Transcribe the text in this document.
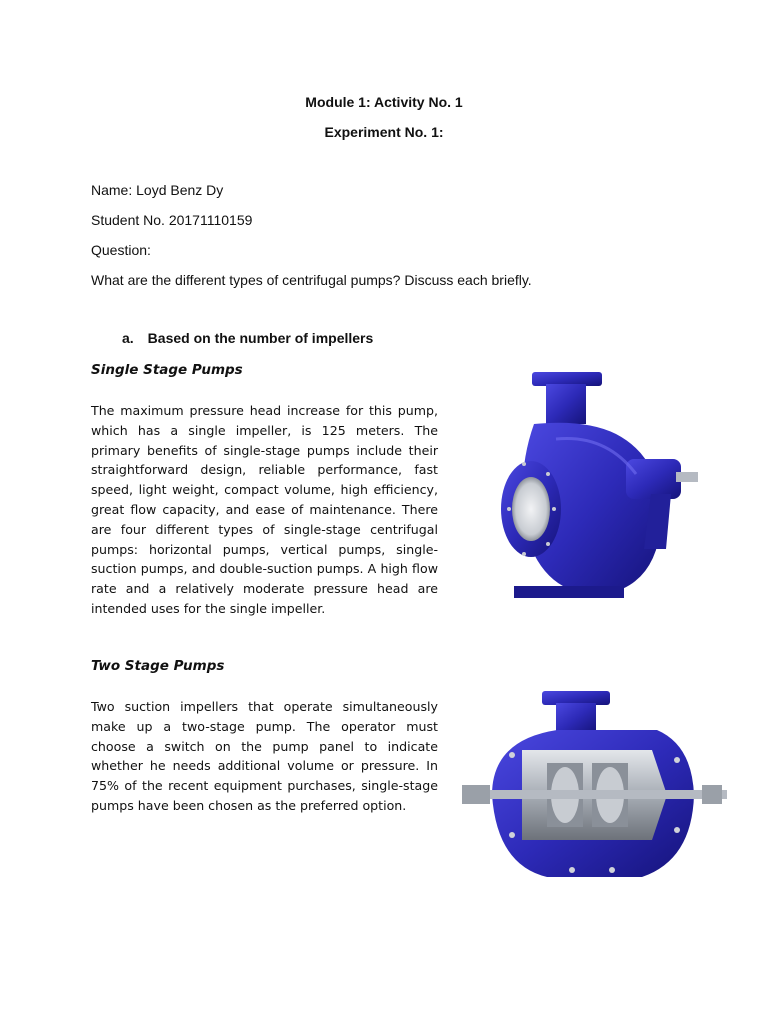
Module 1: Activity No. 1
Experiment No. 1:
Name: Loyd Benz Dy
Student No. 20171110159
Question:
What are the different types of centrifugal pumps? Discuss each briefly.
a. Based on the number of impellers
Single Stage Pumps
The maximum pressure head increase for this pump, which has a single impeller, is 125 meters. The primary benefits of single-stage pumps include their straightforward design, reliable performance, fast speed, light weight, compact volume, high efficiency, great flow capacity, and ease of maintenance. There are four different types of single-stage centrifugal pumps: horizontal pumps, vertical pumps, single-suction pumps, and double-suction pumps. A high flow rate and a relatively moderate pressure head are intended uses for the single impeller.
Two Stage Pumps
Two suction impellers that operate simultaneously make up a two-stage pump. The operator must choose a switch on the pump panel to indicate whether he needs additional volume or pressure. In 75% of the recent equipment purchases, single-stage pumps have been chosen as the preferred option.
